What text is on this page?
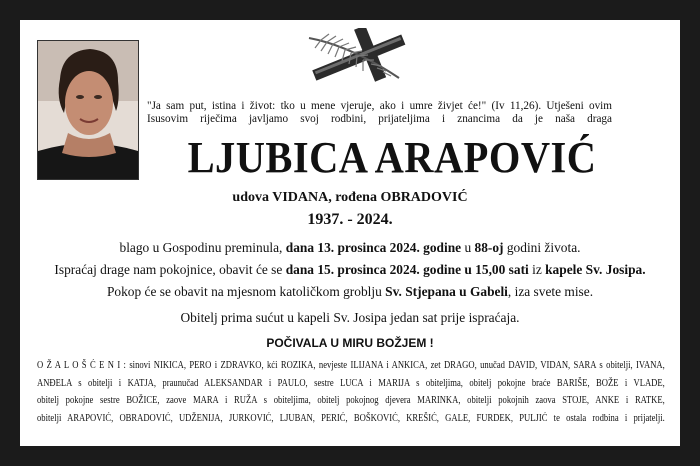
"Ja sam put, istina i život: tko u mene vjeruje, ako i umre živjet će!" (Iv 11,26). Utješeni ovim
Isusovim riječima javljamo svoj rodbini, prijateljima i znancima da je naša draga
LJUBICA ARAPOVIĆ
udova VIDANA, rođena OBRADOVIĆ
1937. - 2024.
blago u Gospodinu preminula, dana 13. prosinca 2024. godine u 88-oj godini života.
Ispraćaj drage nam pokojnice, obavit će se dana 15. prosinca 2024. godine u 15,00 sati iz kapele Sv. Josipa.
Pokop će se obavit na mjesnom katoličkom groblju Sv. Stjepana u Gabeli, iza svete mise.
Obitelj prima sućut u kapeli Sv. Josipa jedan sat prije ispraćaja.
POČIVALA U MIRU BOŽJEM !
O Ž A L O Š Ć E N I : sinovi NIKICA, PERO i ZDRAVKO, kći ROZIKA, nevjeste ILIJANA i ANKICA, zet DRAGO, unučad DAVID, VIDAN, SARA s obitelji, IVANA,
ANĐELA s obitelji i KATJA, praunučad ALEKSANDAR i PAULO, sestre LUCA i MARIJA s obiteljima, obitelj pokojne braće BARIŠE, BOŽE i VLADE,
obitelj pokojne sestre BOŽICE, zaove MARA i RUŽA s obiteljima, obitelj pokojnog djevera MARINKA, obitelji pokojnih zaova STOJE, ANKE i RATKE,
obitelji ARAPOVIĆ, OBRADOVIĆ, UDŽENIJA, JURKOVIĆ, LJUBAN, PERIĆ, BOŠKOVIĆ, KREŠIĆ, GALE, FURDEK, PULJIĆ te ostala rodbina i prijatelji.
